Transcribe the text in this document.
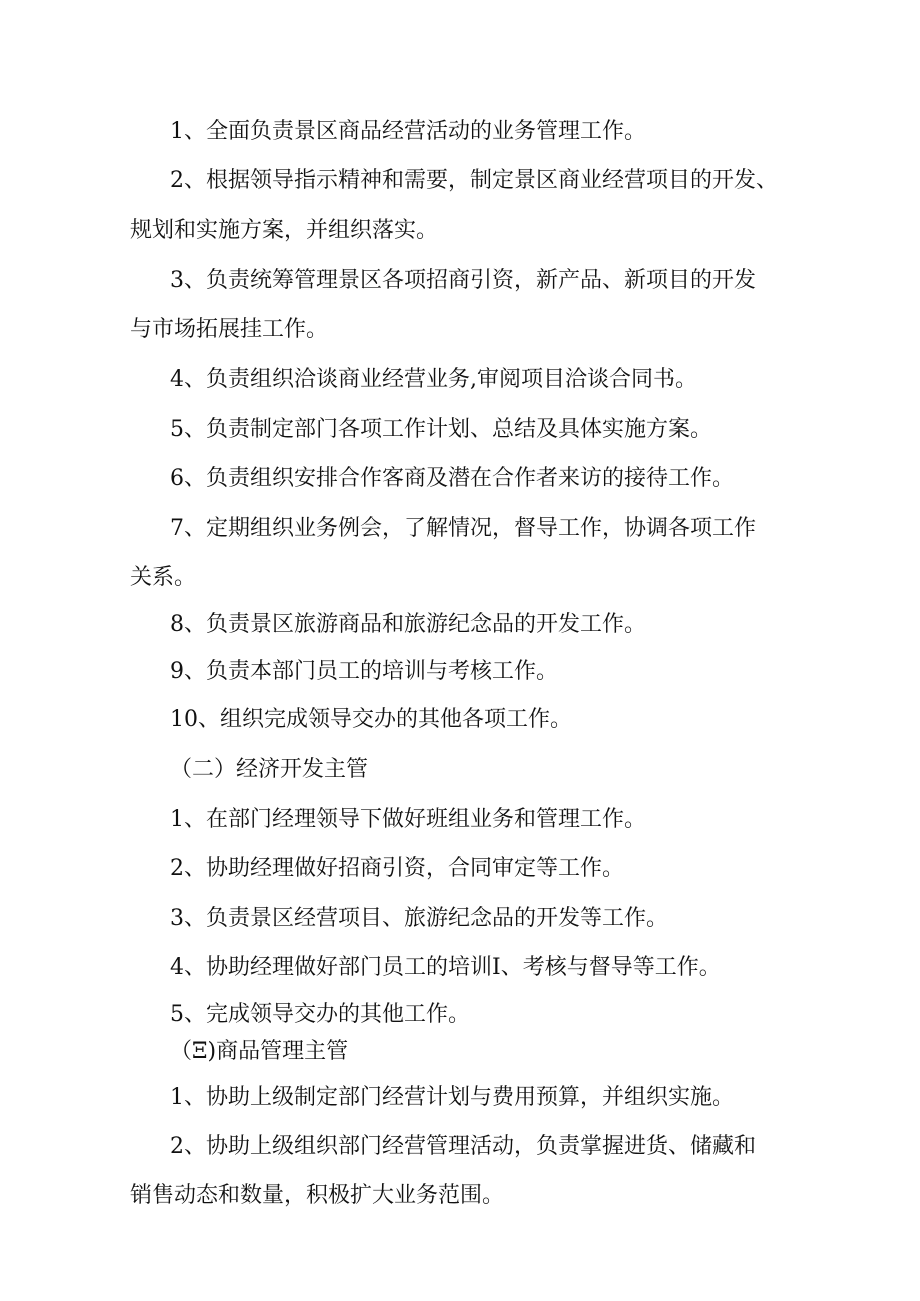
1、全面负责景区商品经营活动的业务管理工作。

2、根据领导指示精神和需要，制定景区商业经营项目的开发、

规划和实施方案，并组织落实。

3、负责统筹管理景区各项招商引资，新产品、新项目的开发

与市场拓展挂工作。

4、负责组织洽谈商业经营业务,审阅项目洽谈合同书。

5、负责制定部门各项工作计划、总结及具体实施方案。

6、负责组织安排合作客商及潜在合作者来访的接待工作。

7、定期组织业务例会，了解情况，督导工作，协调各项工作

关系。

8、负责景区旅游商品和旅游纪念品的开发工作。

9、负责本部门员工的培训与考核工作。

10、组织完成领导交办的其他各项工作。

（二）经济开发主管

1、在部门经理领导下做好班组业务和管理工作。

2、协助经理做好招商引资，合同审定等工作。

3、负责景区经营项目、旅游纪念品的开发等工作。

4、协助经理做好部门员工的培训I、考核与督导等工作。

5、完成领导交办的其他工作。

（Ξ)商品管理主管

1、协助上级制定部门经营计划与费用预算，并组织实施。

2、协助上级组织部门经营管理活动，负责掌握进货、储藏和

销售动态和数量，积极扩大业务范围。
